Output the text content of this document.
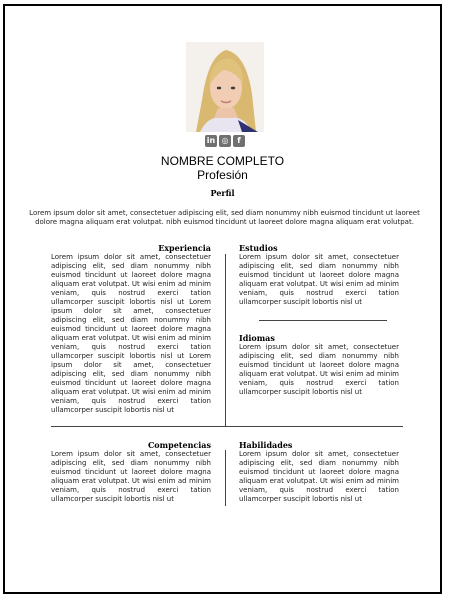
in ◎	f
NOMBRE COMPLETO
Profesión
Perfil
Lorem ipsum dolor sit amet, consectetuer adipiscing elit, sed diam nonummy nibh euismod tincidunt ut laoreet dolore magna aliquam erat volutpat. nibh euismod tincidunt ut laoreet dolore magna aliquam erat volutpat.
Experiencia
Lorem ipsum dolor sit amet, consectetuer adipiscing elit, sed diam nonummy nibh euismod tincidunt ut laoreet dolore magna aliquam erat volutpat. Ut wisi enim ad minim veniam, quis nostrud exerci tation ullamcorper suscipit lobortis nisl ut Lorem ipsum dolor sit amet, consectetuer adipiscing elit, sed diam nonummy nibh euismod tincidunt ut laoreet dolore magna aliquam erat volutpat. Ut wisi enim ad minim veniam, quis nostrud exerci tation ullamcorper suscipit lobortis nisl ut Lorem ipsum dolor sit amet, consectetuer adipiscing elit, sed diam nonummy nibh euismod tincidunt ut laoreet dolore magna aliquam erat volutpat. Ut wisi enim ad minim veniam, quis nostrud exerci tation ullamcorper suscipit lobortis nisl ut
Estudios
Lorem ipsum dolor sit amet, consectetuer adipiscing elit, sed diam nonummy nibh euismod tincidunt ut laoreet dolore magna aliquam erat volutpat. Ut wisi enim ad minim veniam, quis nostrud exerci tation ullamcorper suscipit lobortis nisl ut
Idiomas
Lorem ipsum dolor sit amet, consectetuer adipiscing elit, sed diam nonummy nibh euismod tincidunt ut laoreet dolore magna aliquam erat volutpat. Ut wisi enim ad minim veniam, quis nostrud exerci tation ullamcorper suscipit lobortis nisl ut
Competencias
Lorem ipsum dolor sit amet, consectetuer adipiscing elit, sed diam nonummy nibh euismod tincidunt ut laoreet dolore magna aliquam erat volutpat. Ut wisi enim ad minim veniam, quis nostrud exerci tation ullamcorper suscipit lobortis nisl ut
Habilidades
Lorem ipsum dolor sit amet, consectetuer adipiscing elit, sed diam nonummy nibh euismod tincidunt ut laoreet dolore magna aliquam erat volutpat. Ut wisi enim ad minim veniam, quis nostrud exerci tation ullamcorper suscipit lobortis nisl ut
